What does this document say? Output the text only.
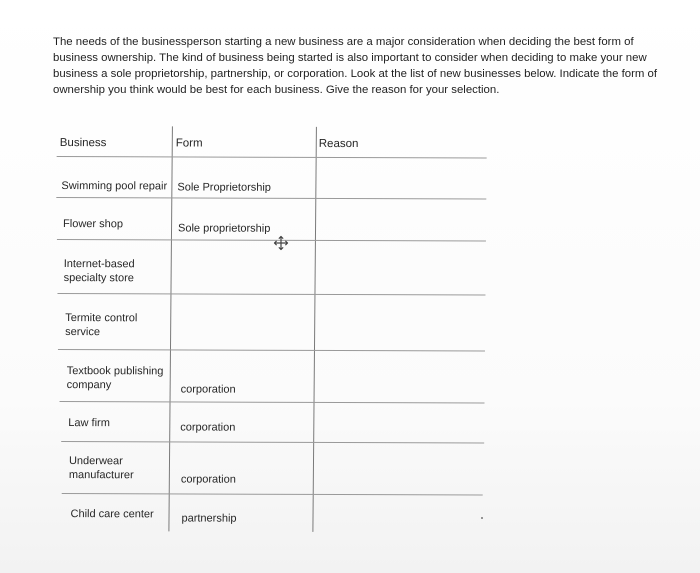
The needs of the businessperson starting a new business are a major consideration when deciding the best form of business ownership. The kind of business being started is also important to consider when deciding to make your new business a sole proprietorship, partnership, or corporation. Look at the list of new businesses below. Indicate the form of ownership you think would be best for each business. Give the reason for your selection.
Business	Form	Reason
Swimming pool repair Sole Proprietorship
Flower shop	Sole proprietorship
Internet-based specialty store
Termite control service
Textbook publishing company	corporation
Law firm	corporation
Underwear manufacturer	corporation
Child care center	partnership
